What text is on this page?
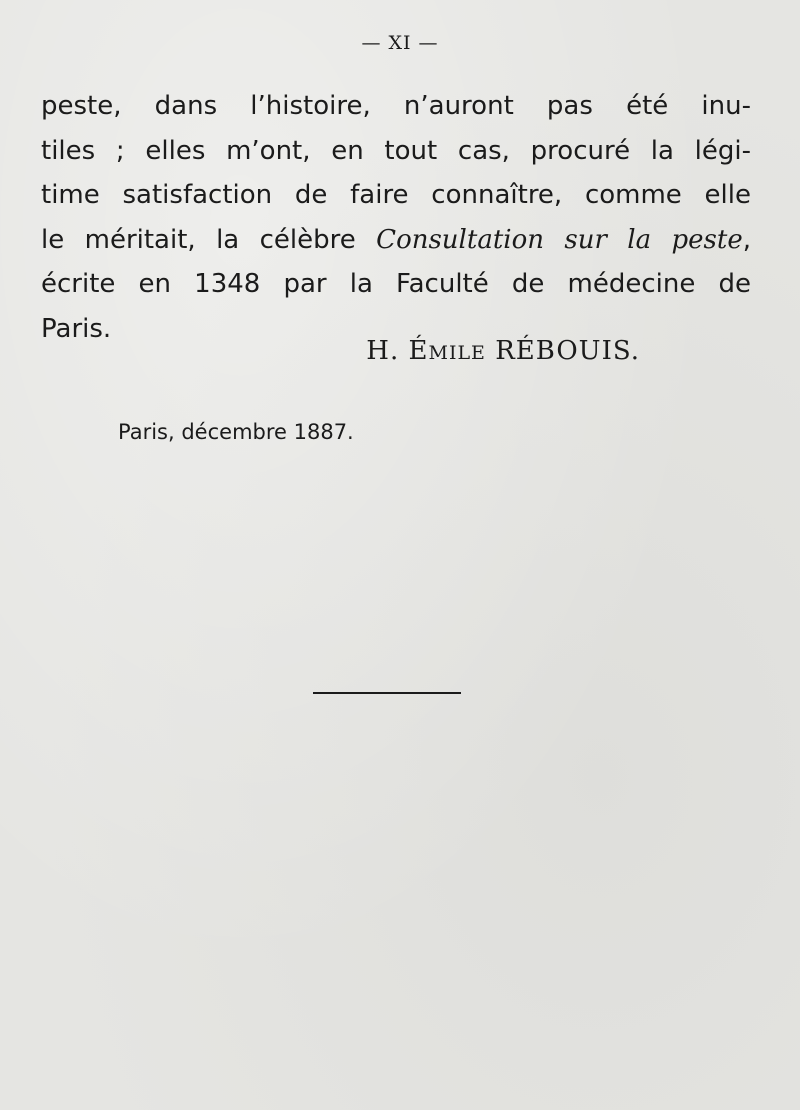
— XI —
peste, dans l’histoire, n’auront pas été inu-
tiles ; elles m’ont, en tout cas, procuré la légi-
time satisfaction de faire connaître, comme elle
le méritait, la célèbre Consultation sur la peste,
écrite en 1348 par la Faculté de médecine de
Paris.
H. ÉMILE RÉBOUIS.
Paris, décembre 1887.
